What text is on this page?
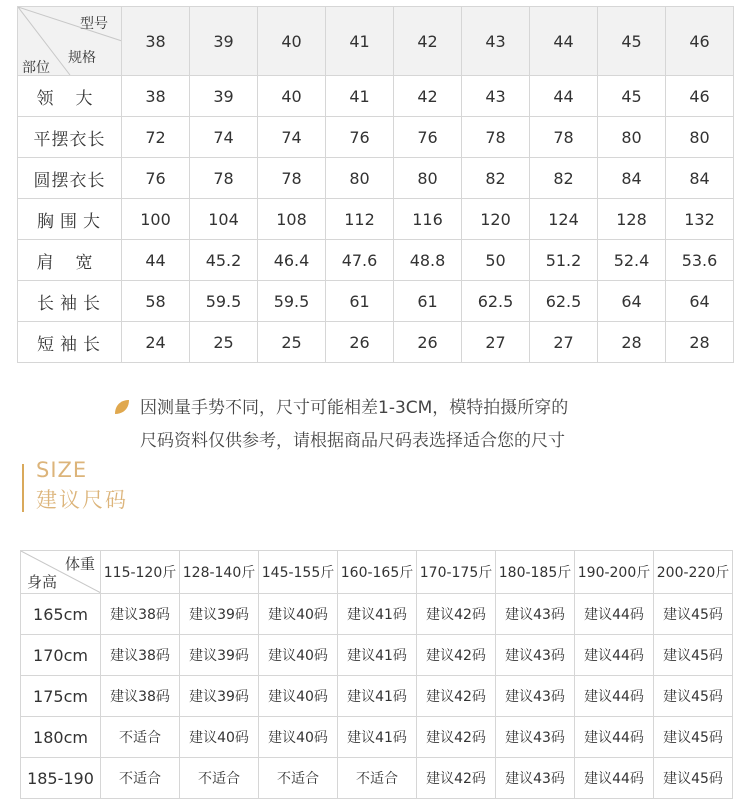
型号
规格
部位	38	39	40	41	42	43	44	45	46
领大	38	39	40	41	42	43	44	45	46
平摆衣长	72	74	74	76	76	78	78	80	80
圆摆衣长	76	78	78	80	80	82	82	84	84
胸围大	100	104	108	112	116	120	124	128	132
肩宽	44	45.2	46.4	47.6	48.8	50	51.2	52.4	53.6
长袖长	58	59.5	59.5	61	61	62.5	62.5	64	64
短袖长	24	25	25	26	26	27	27	28	28
因测量手势不同，尺寸可能相差1-3CM，模特拍摄所穿的
尺码资料仅供参考，请根据商品尺码表选择适合您的尺寸
SIZE
建议尺码
体重
身高	115-120斤	128-140斤	145-155斤	160-165斤	170-175斤	180-185斤	190-200斤	200-220斤
165cm	建议38码	建议39码	建议40码	建议41码	建议42码	建议43码	建议44码	建议45码
170cm	建议38码	建议39码	建议40码	建议41码	建议42码	建议43码	建议44码	建议45码
175cm	建议38码	建议39码	建议40码	建议41码	建议42码	建议43码	建议44码	建议45码
180cm	不适合	建议40码	建议40码	建议41码	建议42码	建议43码	建议44码	建议45码
185-190	不适合	不适合	不适合	不适合	建议42码	建议43码	建议44码	建议45码
